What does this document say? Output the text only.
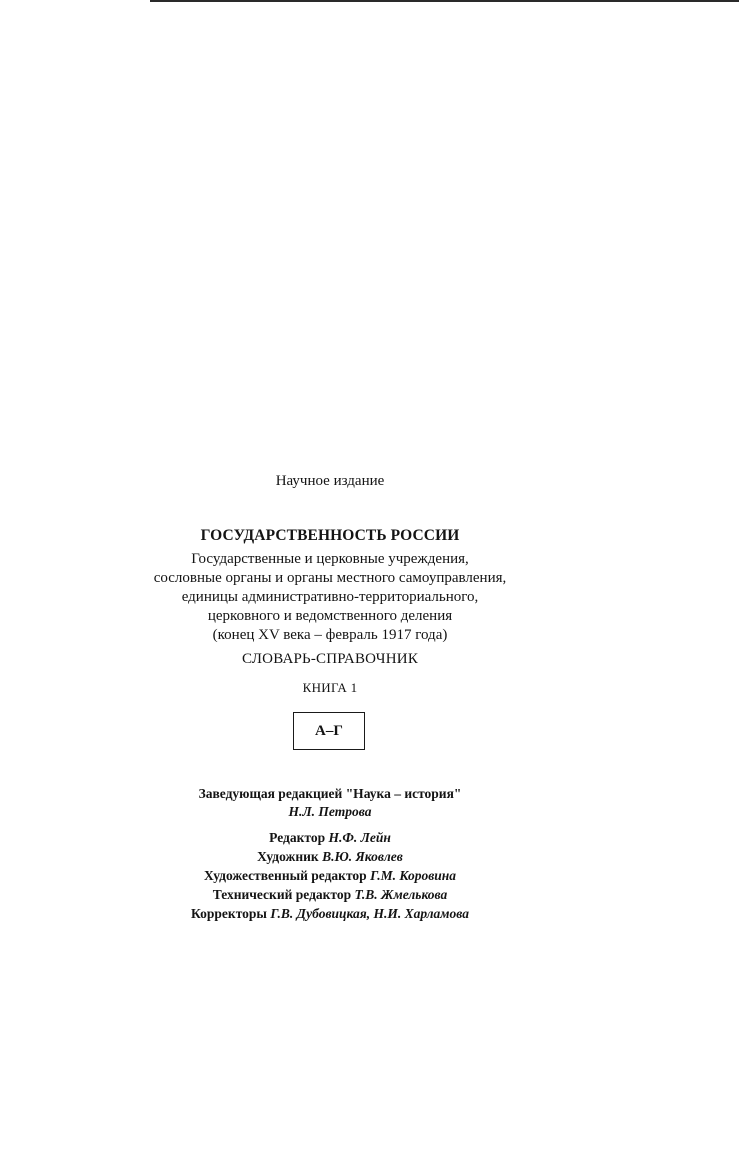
Научное издание
ГОСУДАРСТВЕННОСТЬ РОССИИ
Государственные и церковные учреждения,
сословные органы и органы местного самоуправления,
единицы административно-территориального,
церковного и ведомственного деления
(конец XV века – февраль 1917 года)
СЛОВАРЬ-СПРАВОЧНИК
КНИГА 1
А–Г
Заведующая редакцией "Наука – история"
Н.Л. Петрова
Редактор Н.Ф. Лейн
Художник В.Ю. Яковлев
Художественный редактор Г.М. Коровина
Технический редактор Т.В. Жмелькова
Корректоры Г.В. Дубовицкая, Н.И. Харламова
